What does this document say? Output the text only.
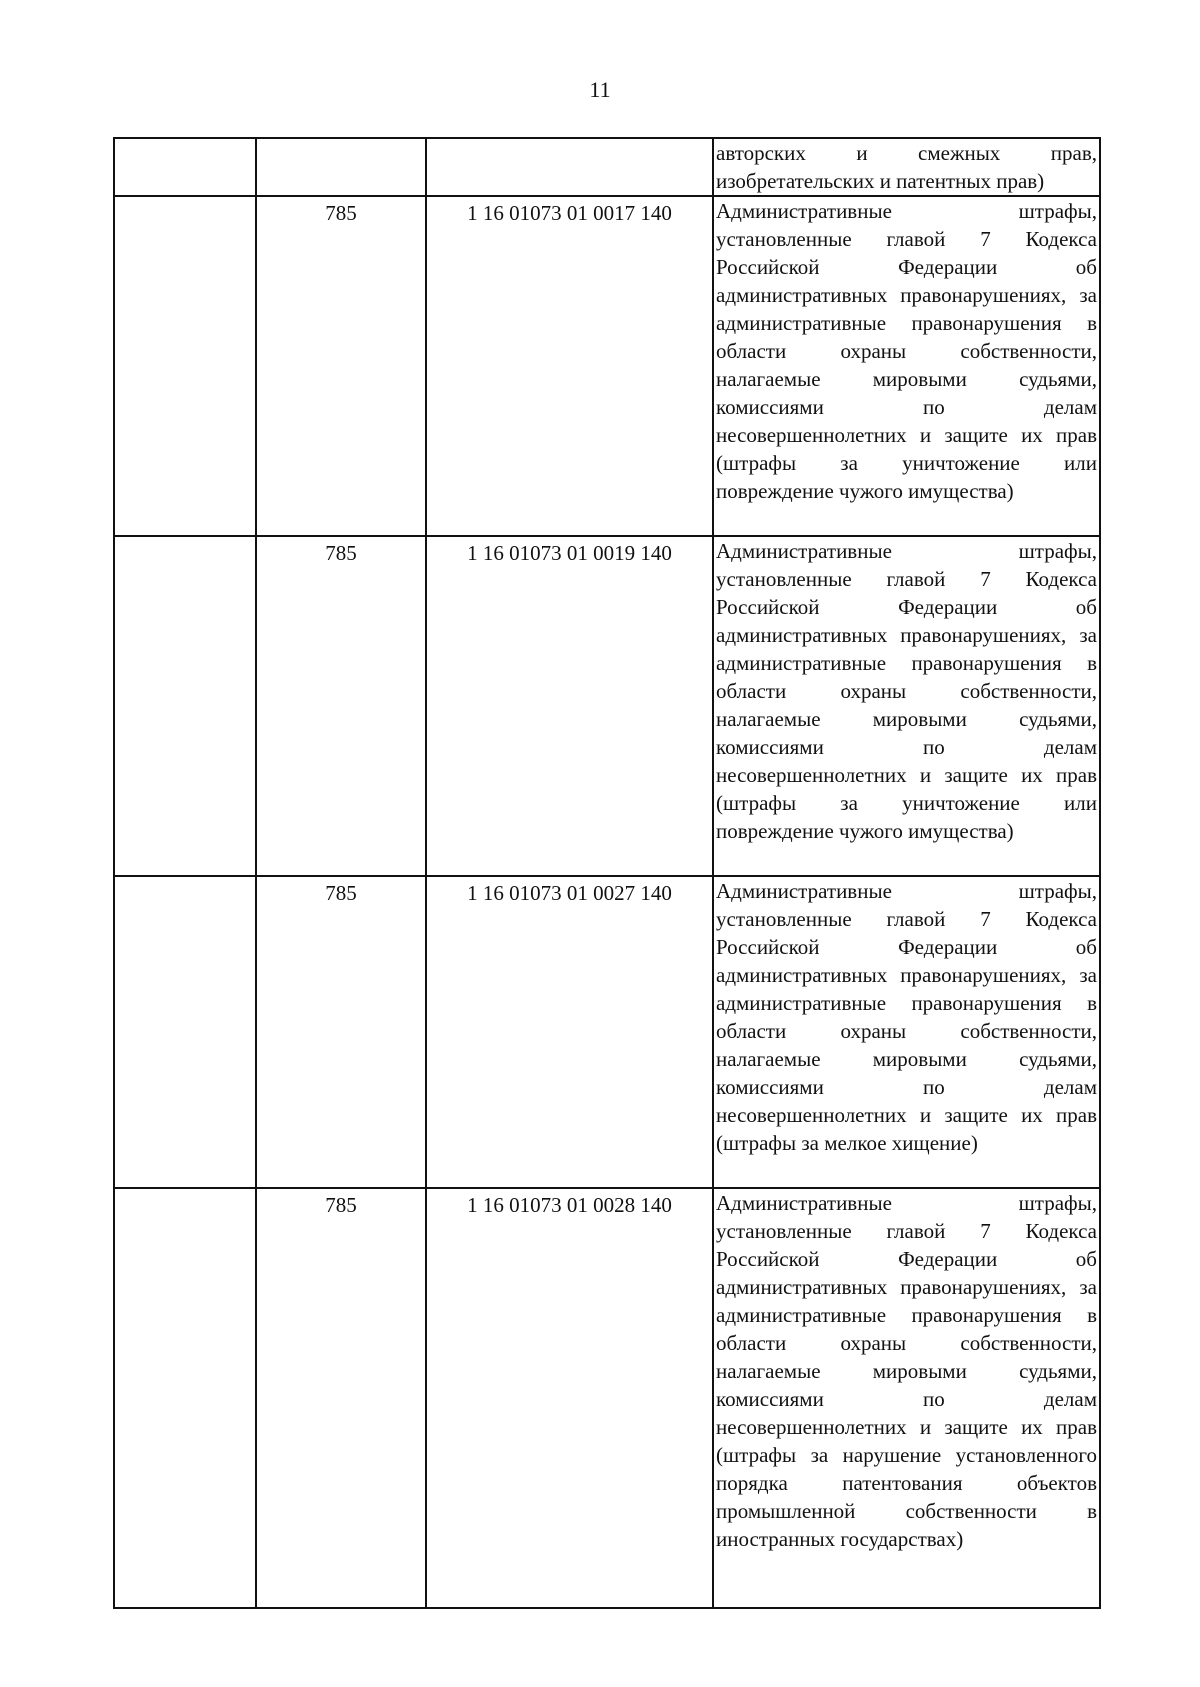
11

			авторских и смежных прав, изобретательских и патентных прав)

	785	1 16 01073 01 0017 140	Административные штрафы, установленные главой 7 Кодекса Российской Федерации об административных правонарушениях, за административные правонарушения в области охраны собственности, налагаемые мировыми судьями, комиссиями по делам несовершеннолетних и защите их прав (штрафы за уничтожение или повреждение чужого имущества)

	785	1 16 01073 01 0019 140	Административные штрафы, установленные главой 7 Кодекса Российской Федерации об административных правонарушениях, за административные правонарушения в области охраны собственности, налагаемые мировыми судьями, комиссиями по делам несовершеннолетних и защите их прав (штрафы за уничтожение или повреждение чужого имущества)

	785	1 16 01073 01 0027 140	Административные штрафы, установленные главой 7 Кодекса Российской Федерации об административных правонарушениях, за административные правонарушения в области охраны собственности, налагаемые мировыми судьями, комиссиями по делам несовершеннолетних и защите их прав (штрафы за мелкое хищение)

	785	1 16 01073 01 0028 140	Административные штрафы, установленные главой 7 Кодекса Российской Федерации об административных правонарушениях, за административные правонарушения в области охраны собственности, налагаемые мировыми судьями, комиссиями по делам несовершеннолетних и защите их прав (штрафы за нарушение установленного порядка патентования объектов промышленной собственности в иностранных государствах)
